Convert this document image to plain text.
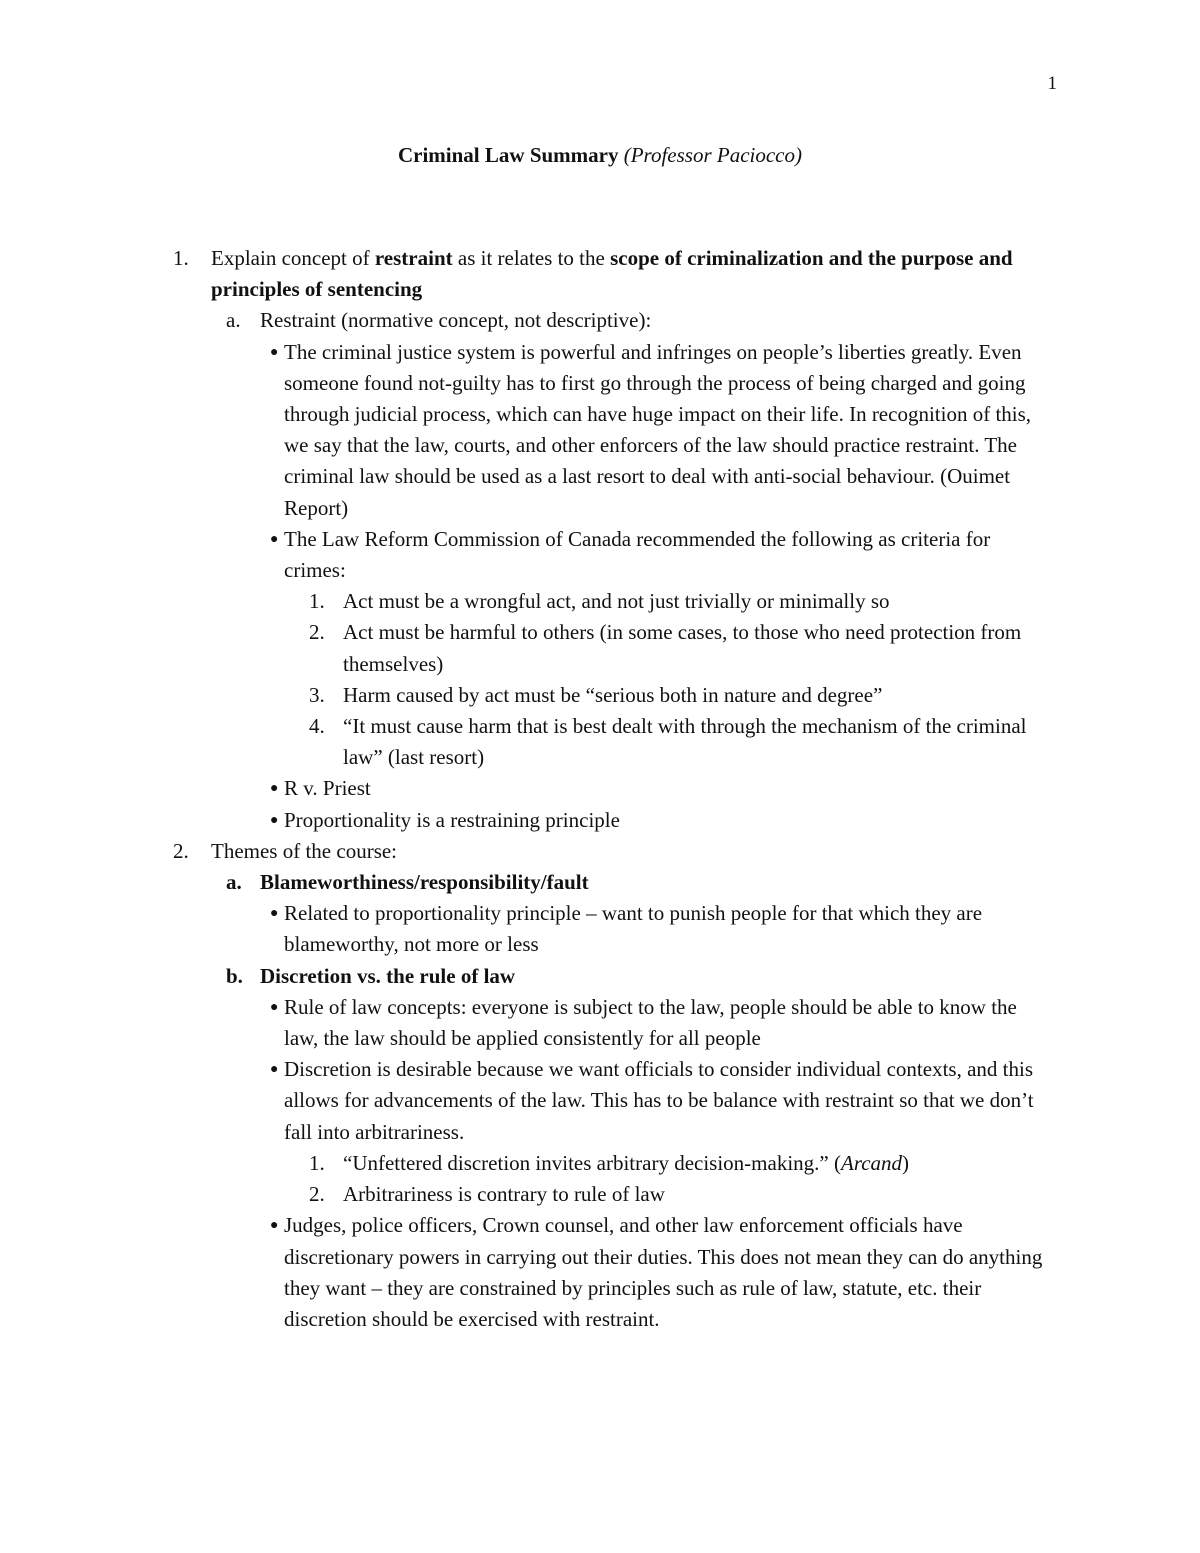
1
Criminal Law Summary (Professor Paciocco)
1. Explain concept of restraint as it relates to the scope of criminalization and the purpose and principles of sentencing
a. Restraint (normative concept, not descriptive):
● The criminal justice system is powerful and infringes on people’s liberties greatly. Even someone found not-guilty has to first go through the process of being charged and going through judicial process, which can have huge impact on their life. In recognition of this, we say that the law, courts, and other enforcers of the law should practice restraint. The criminal law should be used as a last resort to deal with anti-social behaviour. (Ouimet Report)
● The Law Reform Commission of Canada recommended the following as criteria for crimes:
1. Act must be a wrongful act, and not just trivially or minimally so
2. Act must be harmful to others (in some cases, to those who need protection from themselves)
3. Harm caused by act must be “serious both in nature and degree”
4. “It must cause harm that is best dealt with through the mechanism of the criminal law” (last resort)
● R v. Priest
● Proportionality is a restraining principle
2. Themes of the course:
a. Blameworthiness/responsibility/fault
● Related to proportionality principle – want to punish people for that which they are blameworthy, not more or less
b. Discretion vs. the rule of law
● Rule of law concepts: everyone is subject to the law, people should be able to know the law, the law should be applied consistently for all people
● Discretion is desirable because we want officials to consider individual contexts, and this allows for advancements of the law. This has to be balance with restraint so that we don’t fall into arbitrariness.
1. “Unfettered discretion invites arbitrary decision-making.” (Arcand)
2. Arbitrariness is contrary to rule of law
● Judges, police officers, Crown counsel, and other law enforcement officials have discretionary powers in carrying out their duties. This does not mean they can do anything they want – they are constrained by principles such as rule of law, statute, etc. their discretion should be exercised with restraint.
